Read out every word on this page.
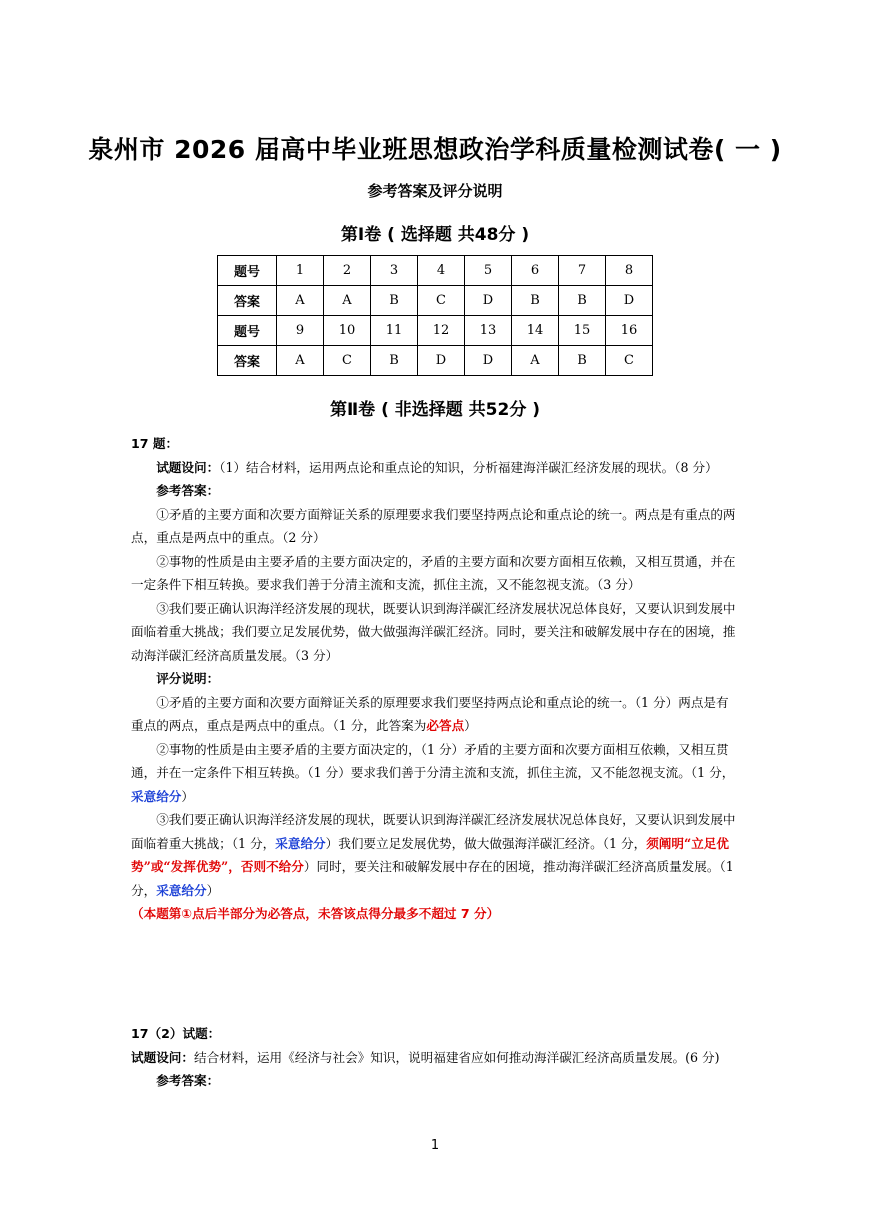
泉州市 2026 届高中毕业班思想政治学科质量检测试卷( 一 )
参考答案及评分说明
第Ⅰ卷 ( 选择题 共48分 )
题号	1	2	3	4	5	6	7	8
答案	A	A	B	C	D	B	B	D
题号	9	10	11	12	13	14	15	16
答案	A	C	B	D	D	A	B	C
第Ⅱ卷 ( 非选择题 共52分 )

17 题：

试题设问：（1）结合材料，运用两点论和重点论的知识，分析福建海洋碳汇经济发展的现状。（8 分）

参考答案：

①矛盾的主要方面和次要方面辩证关系的原理要求我们要坚持两点论和重点论的统一。两点是有重点的两点，重点是两点中的重点。（2 分）

②事物的性质是由主要矛盾的主要方面决定的，矛盾的主要方面和次要方面相互依赖，又相互贯通，并在一定条件下相互转换。要求我们善于分清主流和支流，抓住主流，又不能忽视支流。（3 分）

③我们要正确认识海洋经济发展的现状，既要认识到海洋碳汇经济发展状况总体良好，又要认识到发展中面临着重大挑战；我们要立足发展优势，做大做强海洋碳汇经济。同时，要关注和破解发展中存在的困境，推动海洋碳汇经济高质量发展。（3 分）

评分说明：

①矛盾的主要方面和次要方面辩证关系的原理要求我们要坚持两点论和重点论的统一。（1 分）两点是有重点的两点，重点是两点中的重点。（1 分，此答案为必答点）

②事物的性质是由主要矛盾的主要方面决定的，（1 分）矛盾的主要方面和次要方面相互依赖，又相互贯通，并在一定条件下相互转换。（1 分）要求我们善于分清主流和支流，抓住主流，又不能忽视支流。（1 分，采意给分）

③我们要正确认识海洋经济发展的现状，既要认识到海洋碳汇经济发展状况总体良好，又要认识到发展中面临着重大挑战；（1 分，采意给分）我们要立足发展优势，做大做强海洋碳汇经济。（1 分，须阐明“立足优势”或“发挥优势”，否则不给分）同时，要关注和破解发展中存在的困境，推动海洋碳汇经济高质量发展。（1 分，采意给分）

（本题第①点后半部分为必答点，未答该点得分最多不超过 7 分）

17（2）试题：

试题设问：结合材料，运用《经济与社会》知识，说明福建省应如何推动海洋碳汇经济高质量发展。(6 分)

参考答案：

1
